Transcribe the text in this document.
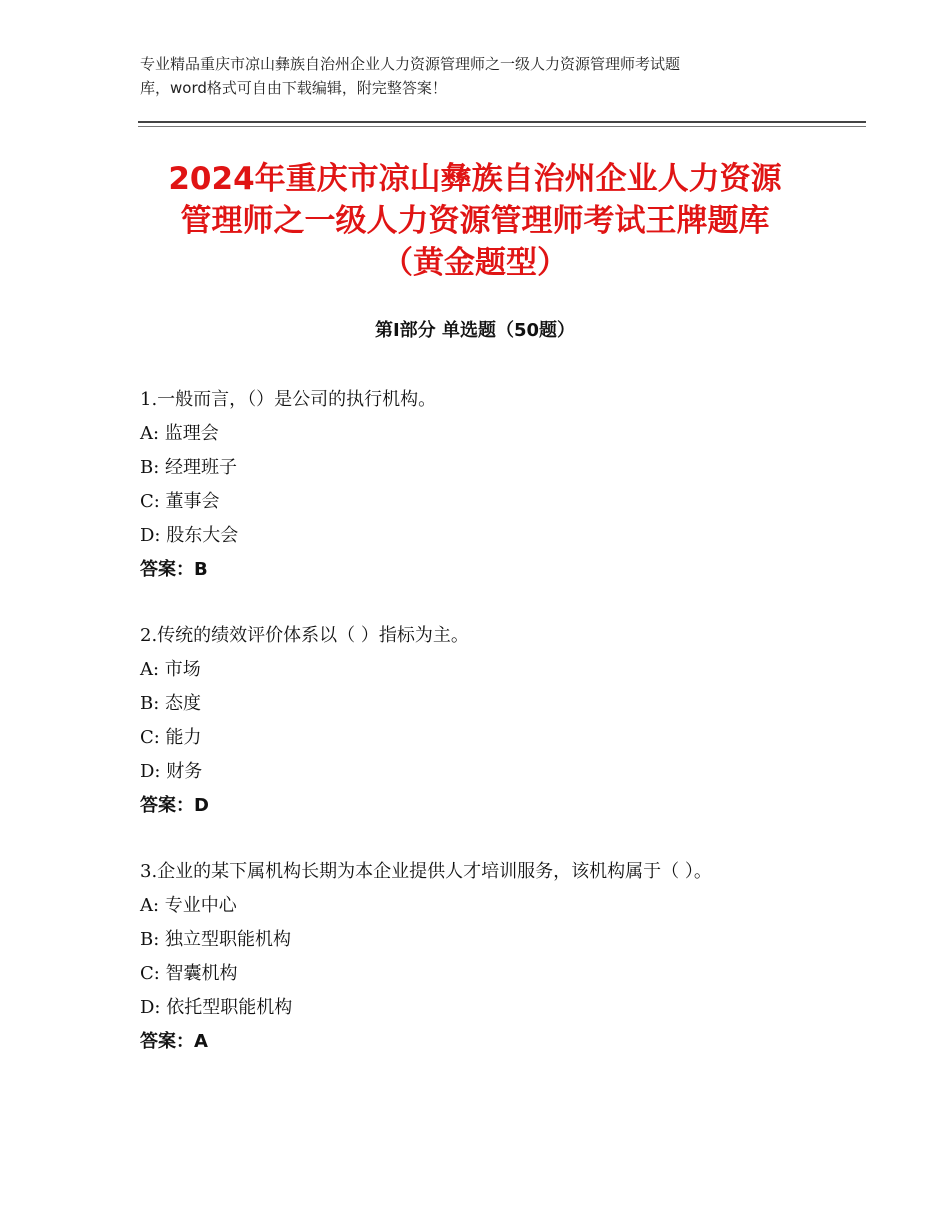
专业精品重庆市凉山彝族自治州企业人力资源管理师之一级人力资源管理师考试题
库，word格式可自由下载编辑，附完整答案！
2024年重庆市凉山彝族自治州企业人力资源
管理师之一级人力资源管理师考试王牌题库
（黄金题型）
第Ⅰ部分 单选题（50题）
1.一般而言，（）是公司的执行机构。
A: 监理会
B: 经理班子
C: 董事会
D: 股东大会
答案：B
2.传统的绩效评价体系以（ ）指标为主。
A: 市场
B: 态度
C: 能力
D: 财务
答案：D
3.企业的某下属机构长期为本企业提供人才培训服务，该机构属于（ ）。
A: 专业中心
B: 独立型职能机构
C: 智囊机构
D: 依托型职能机构
答案：A
